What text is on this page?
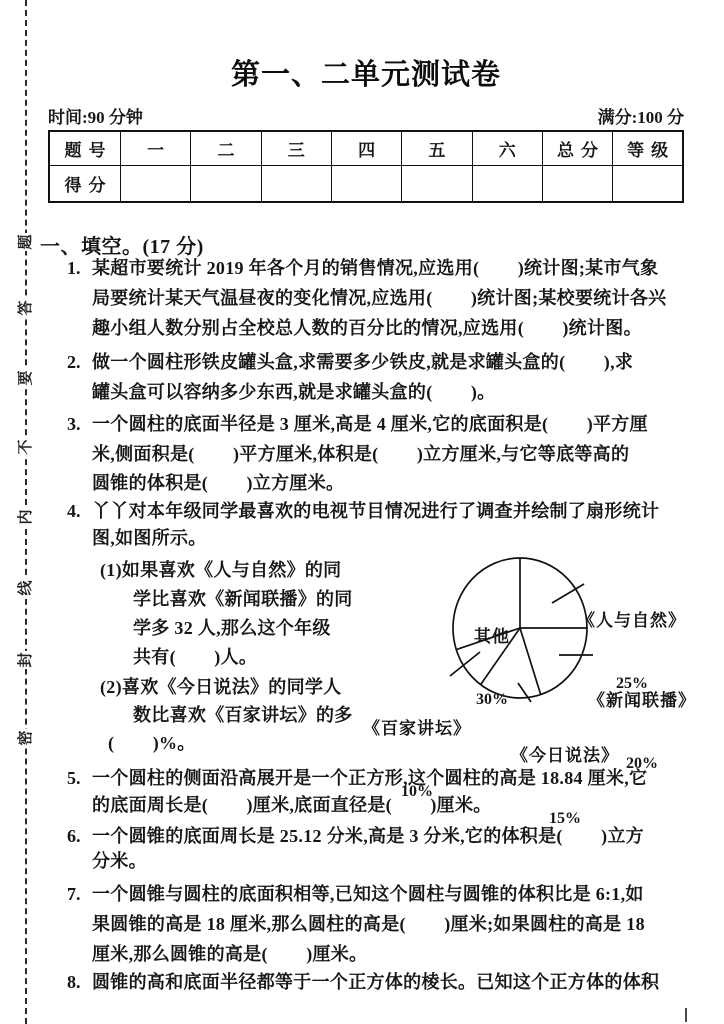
题
答
要
不
内
线
封
密
第一、二单元测试卷
时间:90 分钟	满分:100 分
题号	一	二	三	四	五	六	总分	等级
得分								
一、填空。(17 分)
1. 某超市要统计 2019 年各个月的销售情况,应选用(        )统计图;某市气象
局要统计某天气温昼夜的变化情况,应选用(        )统计图;某校要统计各兴
趣小组人数分别占全校总人数的百分比的情况,应选用(        )统计图。
2. 做一个圆柱形铁皮罐头盒,求需要多少铁皮,就是求罐头盒的(        ),求
罐头盒可以容纳多少东西,就是求罐头盒的(        )。
3. 一个圆柱的底面半径是 3 厘米,高是 4 厘米,它的底面积是(        )平方厘
米,侧面积是(        )平方厘米,体积是(        )立方厘米,与它等底等高的
圆锥的体积是(        )立方厘米。
4. 丫丫对本年级同学最喜欢的电视节目情况进行了调查并绘制了扇形统计
图,如图所示。
(1)如果喜欢《人与自然》的同
学比喜欢《新闻联播》的同
学多 32 人,那么这个年级
共有(        )人。
(2)喜欢《今日说法》的同学人
数比喜欢《百家讲坛》的多
(        )%。

其他

30%

《人与自然》

25%

《新闻联播》

20%

《今日说法》

15%

《百家讲坛》

10%

5. 一个圆柱的侧面沿高展开是一个正方形,这个圆柱的高是 18.84 厘米,它
的底面周长是(        )厘米,底面直径是(        )厘米。
6. 一个圆锥的底面周长是 25.12 分米,高是 3 分米,它的体积是(        )立方
分米。
7. 一个圆锥与圆柱的底面积相等,已知这个圆柱与圆锥的体积比是 6:1,如
果圆锥的高是 18 厘米,那么圆柱的高是(        )厘米;如果圆柱的高是 18
厘米,那么圆锥的高是(        )厘米。
8. 圆锥的高和底面半径都等于一个正方体的棱长。已知这个正方体的体积
